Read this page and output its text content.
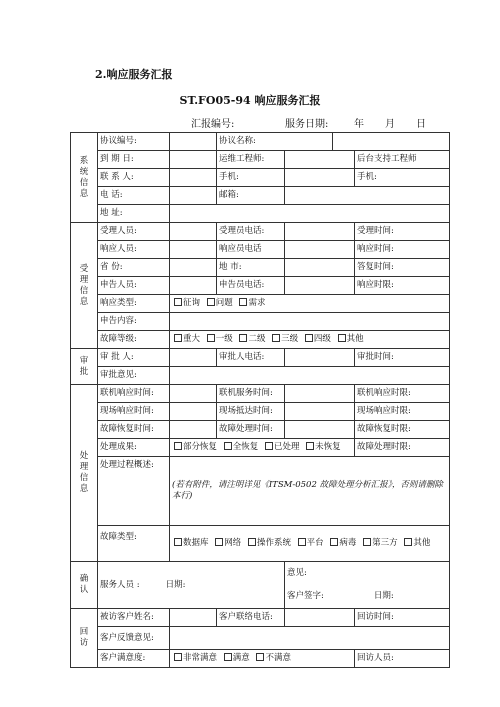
2.响应服务汇报
ST.FO05-94 响应服务汇报
汇报编号:	服务日期:	年 月 日
系统信息	协议编号:		协议名称:			
	到 期 日:		运维工程师:			后台支持工程师
	联 系 人:		手机:			手机:
	电 话:		邮箱:			
	地 址:					

受理信息	受理人员:		受理员电话:			受理时间:
	响应人员:		响应员电话			响应时间:
	省 份:		地 市:			答复时间:
	申告人员:		申告员电话:			响应时限:
	响应类型:	征询 问题 需求				
	申告内容:					
	故障等级:	重大 一级 二级 三级 四级 其他				

审批	审 批 人:		审批人电话:			审批时间:
	审批意见:					

处理信息	联机响应时间:		联机服务时间:			联机响应时限:
	现场响应时间:		现场抵达时间:			现场响应时限:
	故障恢复时间:		故障处理时间:			故障恢复时限:
	处理成果:	部分恢复 全恢复 已处理 未恢复				故障处理时限:
	处理过程概述:	(若有附件，请注明详见《ITSM-0502 故障处理分析汇报》，否则请删除本行)				
	故障类型:	数据库 网络 操作系统 平台 病毒 第三方 其他				

确认	服务人员 : 日期:			意见:		
				客户签字: 日期:		

回访	被访客户姓名:		客户联络电话:			回访时间:
	客户反馈意见:					
	客户满意度:	非常满意 满意 不满意				回访人员:
